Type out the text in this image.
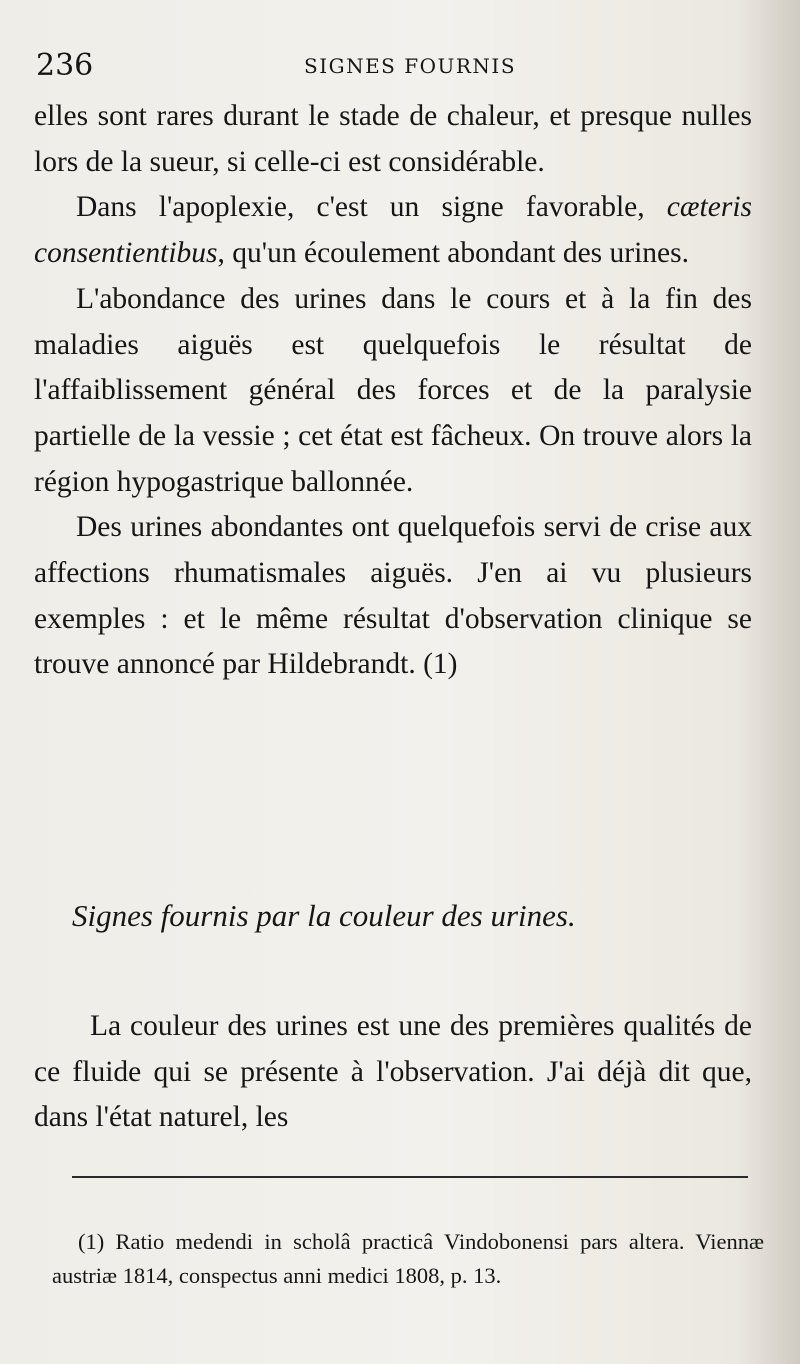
236	SIGNES FOURNIS

elles sont rares durant le stade de chaleur, et presque nulles lors de la sueur, si celle-ci est considérable.

Dans l'apoplexie, c'est un signe favorable, cæteris consentientibus, qu'un écoulement abondant des urines.

L'abondance des urines dans le cours et à la fin des maladies aiguës est quelquefois le résultat de l'affaiblissement général des forces et de la paralysie partielle de la vessie ; cet état est fâcheux. On trouve alors la région hypogastrique ballonnée.

Des urines abondantes ont quelquefois servi de crise aux affections rhumatismales aiguës. J'en ai vu plusieurs exemples : et le même résultat d'observation clinique se trouve annoncé par Hildebrandt. (1)

Signes fournis par la couleur des urines.

La couleur des urines est une des premières qualités de ce fluide qui se présente à l'observation. J'ai déjà dit que, dans l'état naturel, les

(1) Ratio medendi in scholâ practicâ Vindobonensi pars altera. Viennæ austriæ 1814, conspectus anni medici 1808, p. 13.
